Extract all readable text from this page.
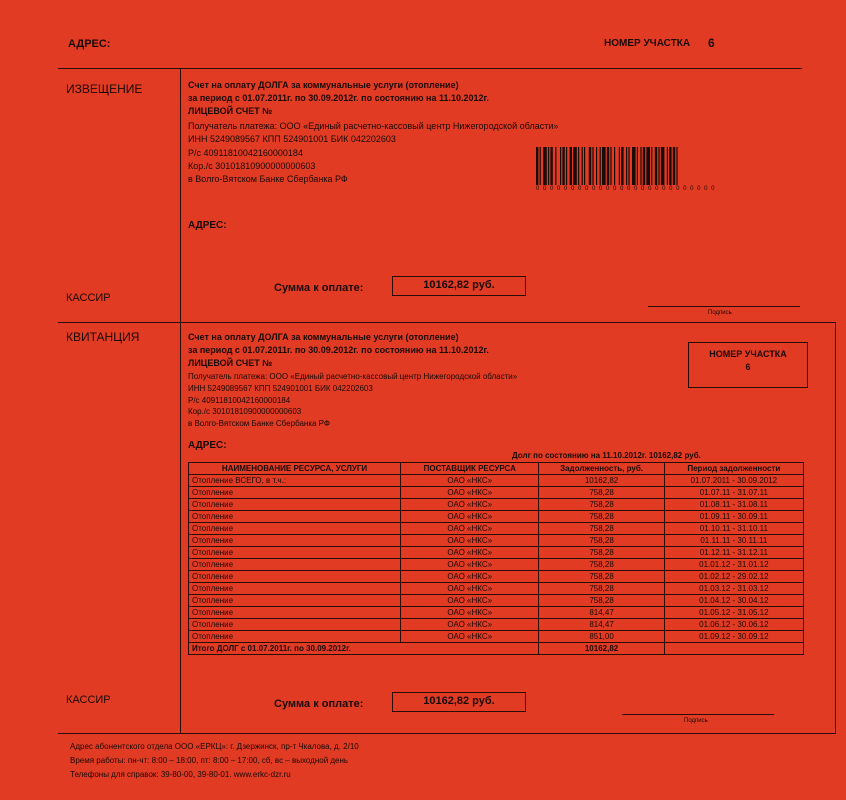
АДРЕС:	НОМЕР УЧАСТКА 6
ИЗВЕЩЕНИЕ	Счет на оплату ДОЛГА за коммунальные услуги (отопление)
за период с 01.07.2011г. по 30.09.2012г. по состоянию на 11.10.2012г.
ЛИЦЕВОЙ СЧЕТ №
Получатель платежа: ООО «Единый расчетно-кассовый центр Нижегородской области»
ИНН 5249089567 КПП 524901001 БИК 042202603
Р/с 40911810042160000184
Кор./с 30101810900000000603
в Волго-Вятском Банке Сбербанка РФ
0 0 0 0 0 0 0 0 0 0 0 0 0 0 0 0 0 0 0 0 0 0 0 0 0 0
АДРЕС:
Сумма к оплате:	10162,82 руб.
КАССИР
Подпись
КВИТАНЦИЯ	Счет на оплату ДОЛГА за коммунальные услуги (отопление)
за период с 01.07.2011г. по 30.09.2012г. по состоянию на 11.10.2012г.
ЛИЦЕВОЙ СЧЕТ №
Получатель платежа: ООО «Единый расчетно-кассовый центр Нижегородской области»
ИНН 5249089567 КПП 524901001 БИК 042202603
Р/с 40911810042160000184
Кор./с 30101810900000000603
в Волго-Вятском Банке Сбербанка РФ
НОМЕР УЧАСТКА
6
АДРЕС:
Долг по состоянию на 11.10.2012г. 10162,82 руб.
НАИМЕНОВАНИЕ РЕСУРСА, УСЛУГИ	ПОСТАВЩИК РЕСУРСА	Задолженность, руб.	Период задолженности
Отопление ВСЕГО, в т.ч.:	ОАО «НКС»	10162,82	01.07.2011 - 30.09.2012
Отопление	ОАО «НКС»	758,28	01.07.11 - 31.07.11
Отопление	ОАО «НКС»	758,28	01.08.11 - 31.08.11
Отопление	ОАО «НКС»	758,28	01.09.11 - 30.09.11
Отопление	ОАО «НКС»	758,28	01.10.11 - 31.10.11
Отопление	ОАО «НКС»	758,28	01.11.11 - 30.11.11
Отопление	ОАО «НКС»	758,28	01.12.11 - 31.12.11
Отопление	ОАО «НКС»	758,28	01.01.12 - 31.01.12
Отопление	ОАО «НКС»	758,28	01.02.12 - 29.02.12
Отопление	ОАО «НКС»	758,28	01.03.12 - 31.03.12
Отопление	ОАО «НКС»	758,28	01.04.12 - 30.04.12
Отопление	ОАО «НКС»	814,47	01.05.12 - 31.05.12
Отопление	ОАО «НКС»	814,47	01.06.12 - 30.06.12
Отопление	ОАО «НКС»	851,00	01.09.12 - 30.09.12
Итого ДОЛГ с 01.07.2011г. по 30.09.2012г.		10162,82	
КАССИР	Сумма к оплате:	10162,82 руб.
Подпись
Адрес абонентского отдела ООО «ЕРКЦ»: г. Дзержинск, пр-т Чкалова, д. 2/10
Время работы: пн-чт: 8:00 – 18:00, пт: 8:00 – 17:00, сб, вс – выходной день
Телефоны для справок: 39-80-00, 39-80-01. www.erkc-dzr.ru
